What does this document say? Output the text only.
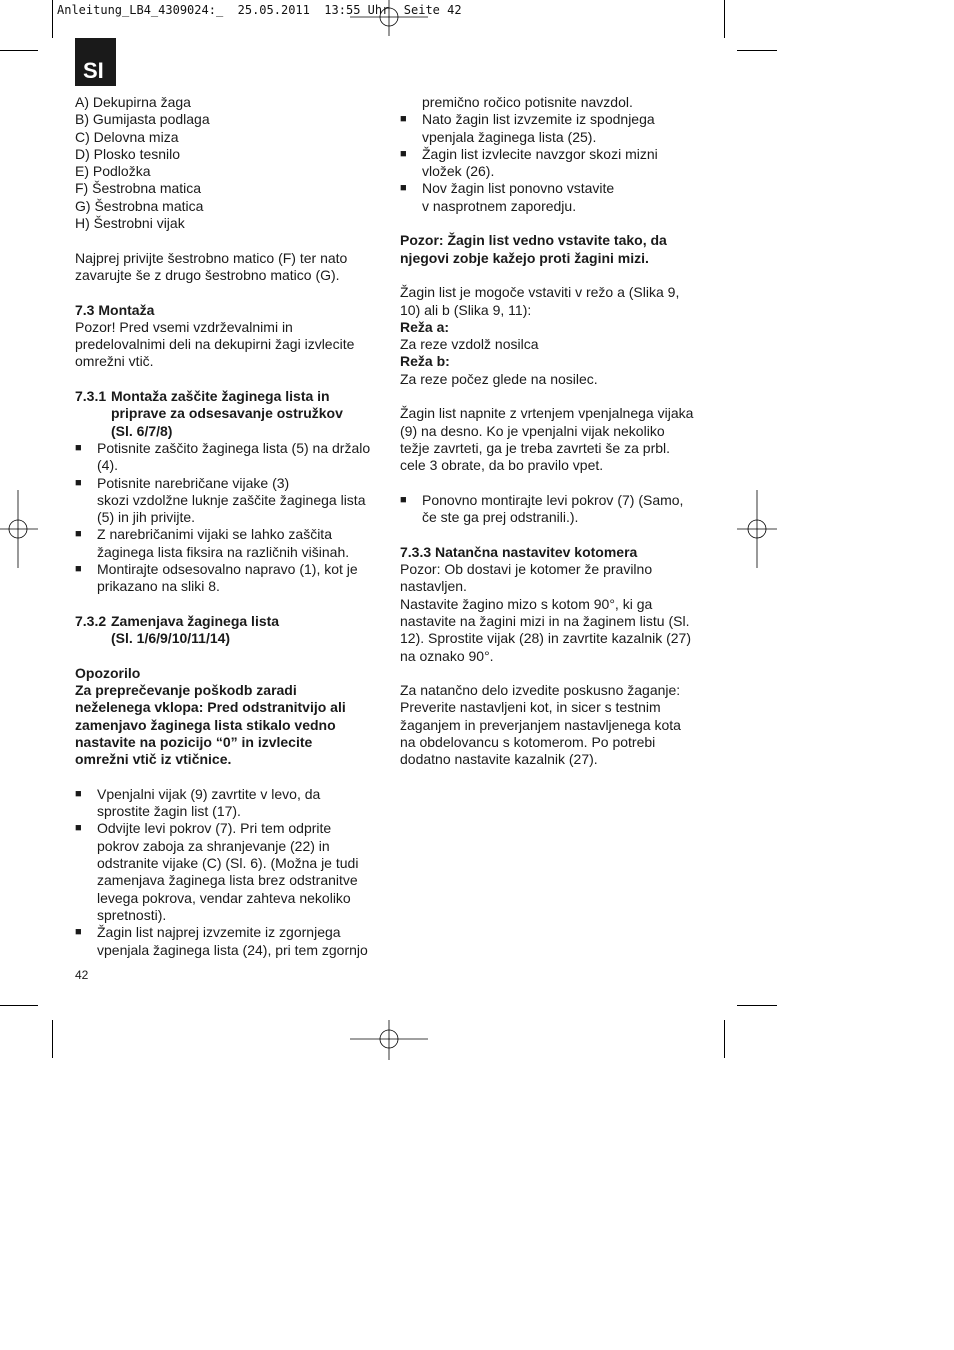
Anleitung_LB4_4309024:_  25.05.2011  13:55 Uhr  Seite 42
SI

A) Dekupirna žaga

B) Gumijasta podlaga

C) Delovna miza

D) Plosko tesnilo

E) Podložka

F) Šestrobna matica

G) Šestrobna matica

H) Šestrobni vijak

Najprej privijte šestrobno matico (F) ter nato

zavarujte še z drugo šestrobno matico (G).

7.3 Montaža

Pozor! Pred vsemi vzdrževalnimi in

predelovalnimi deli na dekupirni žagi izvlecite

omrežni vtič.

7.3.1 Montaža zaščite žaginega lista in

priprave za odsesavanje ostružkov

(Sl. 6/7/8)

■ Potisnite zaščito žaginega lista (5) na držalo

(4).

■ Potisnite narebričane vijake (3)

skozi vzdolžne luknje zaščite žaginega lista

(5) in jih privijte.

■ Z narebričanimi vijaki se lahko zaščita

žaginega lista fiksira na različnih višinah.

■ Montirajte odsesovalno napravo (1), kot je

prikazano na sliki 8.

7.3.2 Zamenjava žaginega lista

(Sl. 1/6/9/10/11/14)

Opozorilo

Za preprečevanje poškodb zaradi

neželenega vklopa: Pred odstranitvijo ali

zamenjavo žaginega lista stikalo vedno

nastavite na pozicijo “0” in izvlecite

omrežni vtič iz vtičnice.

■ Vpenjalni vijak (9) zavrtite v levo, da

sprostite žagin list (17).

■ Odvijte levi pokrov (7). Pri tem odprite

pokrov zaboja za shranjevanje (22) in

odstranite vijake (C) (Sl. 6). (Možna je tudi

zamenjava žaginega lista brez odstranitve

levega pokrova, vendar zahteva nekoliko

spretnosti).

■ Žagin list najprej izvzemite iz zgornjega

vpenjala žaginega lista (24), pri tem zgornjo

premično ročico potisnite navzdol.

■ Nato žagin list izvzemite iz spodnjega

vpenjala žaginega lista (25).

■ Žagin list izvlecite navzgor skozi mizni

vložek (26).

■ Nov žagin list ponovno vstavite

v nasprotnem zaporedju.

Pozor: Žagin list vedno vstavite tako, da

njegovi zobje kažejo proti žagini mizi.

Žagin list je mogoče vstaviti v režo a (Slika 9,

10) ali b (Slika 9, 11):

Reža a:

Za reze vzdolž nosilca

Reža b:

Za reze počez glede na nosilec.

Žagin list napnite z vrtenjem vpenjalnega vijaka

(9) na desno. Ko je vpenjalni vijak nekoliko

težje zavrteti, ga je treba zavrteti še za prbl.

cele 3 obrate, da bo pravilo vpet.

■ Ponovno montirajte levi pokrov (7) (Samo,

če ste ga prej odstranili.).

7.3.3 Natančna nastavitev kotomera

Pozor: Ob dostavi je kotomer že pravilno

nastavljen.

Nastavite žagino mizo s kotom 90°, ki ga

nastavite na žagini mizi in na žaginem listu (Sl.

12). Sprostite vijak (28) in zavrtite kazalnik (27)

na oznako 90°.

Za natančno delo izvedite poskusno žaganje:

Preverite nastavljeni kot, in sicer s testnim

žaganjem in preverjanjem nastavljenega kota

na obdelovancu s kotomerom. Po potrebi

dodatno nastavite kazalnik (27).

42
